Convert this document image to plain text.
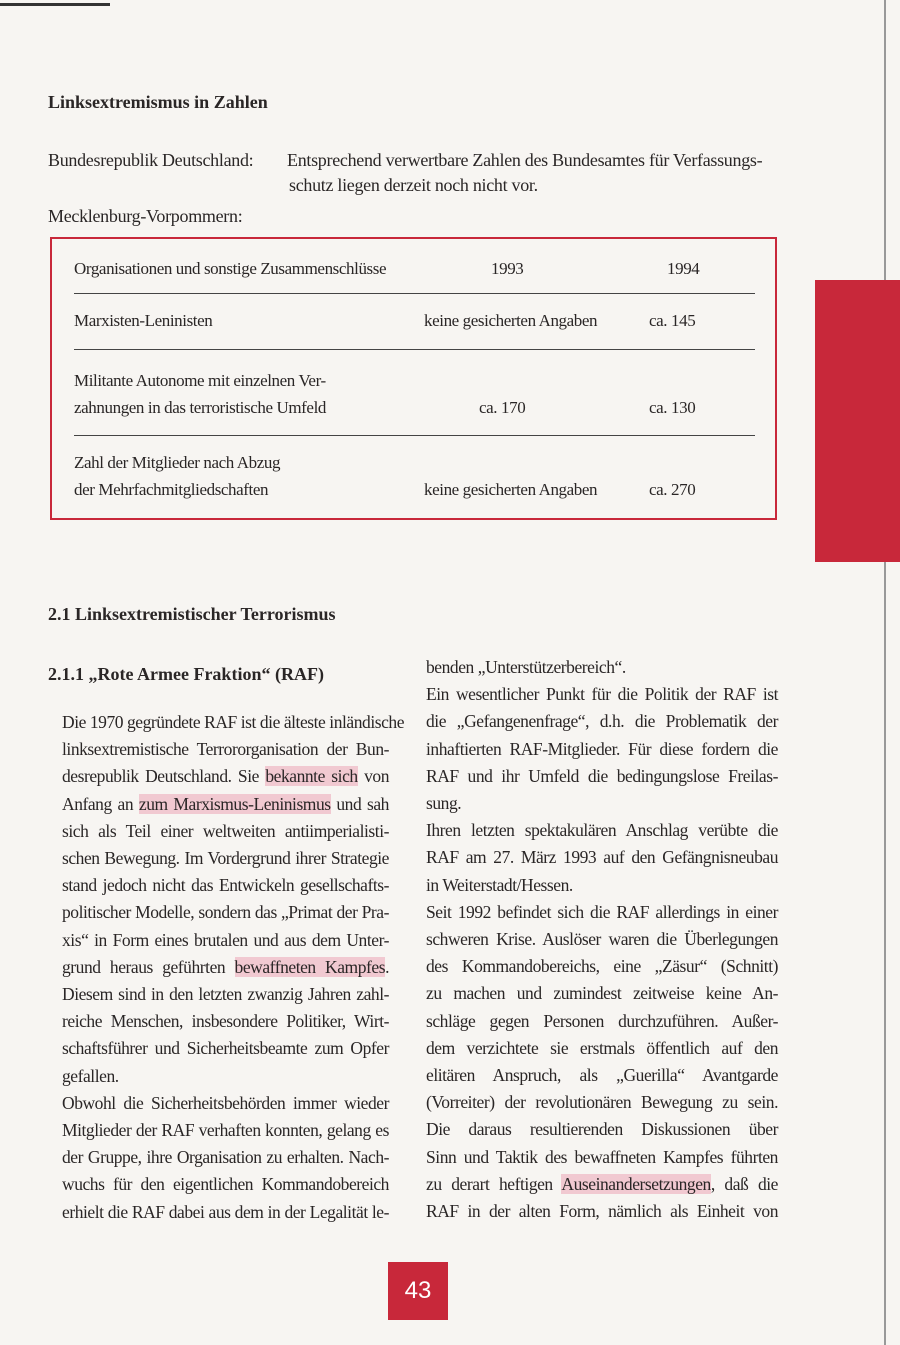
Linksextremismus in Zahlen
Bundesrepublik Deutschland: Entsprechend verwertbare Zahlen des Bundesamtes für Verfassungs-
schutz liegen derzeit noch nicht vor.
Mecklenburg-Vorpommern:
Organisationen und sonstige Zusammenschlüsse	1993	1994
Marxisten-Leninisten	keine gesicherten Angaben	ca. 145
Militante Autonome mit einzelnen Ver-
zahnungen in das terroristische Umfeld	ca. 170	ca. 130
Zahl der Mitglieder nach Abzug
der Mehrfachmitgliedschaften	keine gesicherten Angaben	ca. 270
2.1 Linksextremistischer Terrorismus
2.1.1 „Rote Armee Fraktion“ (RAF)
Die 1970 gegründete RAF ist die älteste inländische
linksextremistische Terrororganisation der Bun-
desrepublik Deutschland. Sie bekannte sich von
Anfang an zum Marxismus-Leninismus und sah
sich als Teil einer weltweiten antiimperialisti-
schen Bewegung. Im Vordergrund ihrer Strategie
stand jedoch nicht das Entwickeln gesellschafts-
politischer Modelle, sondern das „Primat der Pra-
xis“ in Form eines brutalen und aus dem Unter-
grund heraus geführten bewaffneten Kampfes.
Diesem sind in den letzten zwanzig Jahren zahl-
reiche Menschen, insbesondere Politiker, Wirt-
schaftsführer und Sicherheitsbeamte zum Opfer
gefallen.
Obwohl die Sicherheitsbehörden immer wieder
Mitglieder der RAF verhaften konnten, gelang es
der Gruppe, ihre Organisation zu erhalten. Nach-
wuchs für den eigentlichen Kommandobereich
erhielt die RAF dabei aus dem in der Legalität le-
benden „Unterstützerbereich“.
Ein wesentlicher Punkt für die Politik der RAF ist
die „Gefangenenfrage“, d.h. die Problematik der
inhaftierten RAF-Mitglieder. Für diese fordern die
RAF und ihr Umfeld die bedingungslose Freilas-
sung.
Ihren letzten spektakulären Anschlag verübte die
RAF am 27. März 1993 auf den Gefängnisneubau
in Weiterstadt/Hessen.
Seit 1992 befindet sich die RAF allerdings in einer
schweren Krise. Auslöser waren die Überlegungen
des Kommandobereichs, eine „Zäsur“ (Schnitt)
zu machen und zumindest zeitweise keine An-
schläge gegen Personen durchzuführen. Außer-
dem verzichtete sie erstmals öffentlich auf den
elitären Anspruch, als „Guerilla“ Avantgarde
(Vorreiter) der revolutionären Bewegung zu sein.
Die daraus resultierenden Diskussionen über
Sinn und Taktik des bewaffneten Kampfes führten
zu derart heftigen Auseinandersetzungen, daß die
RAF in der alten Form, nämlich als Einheit von
43
